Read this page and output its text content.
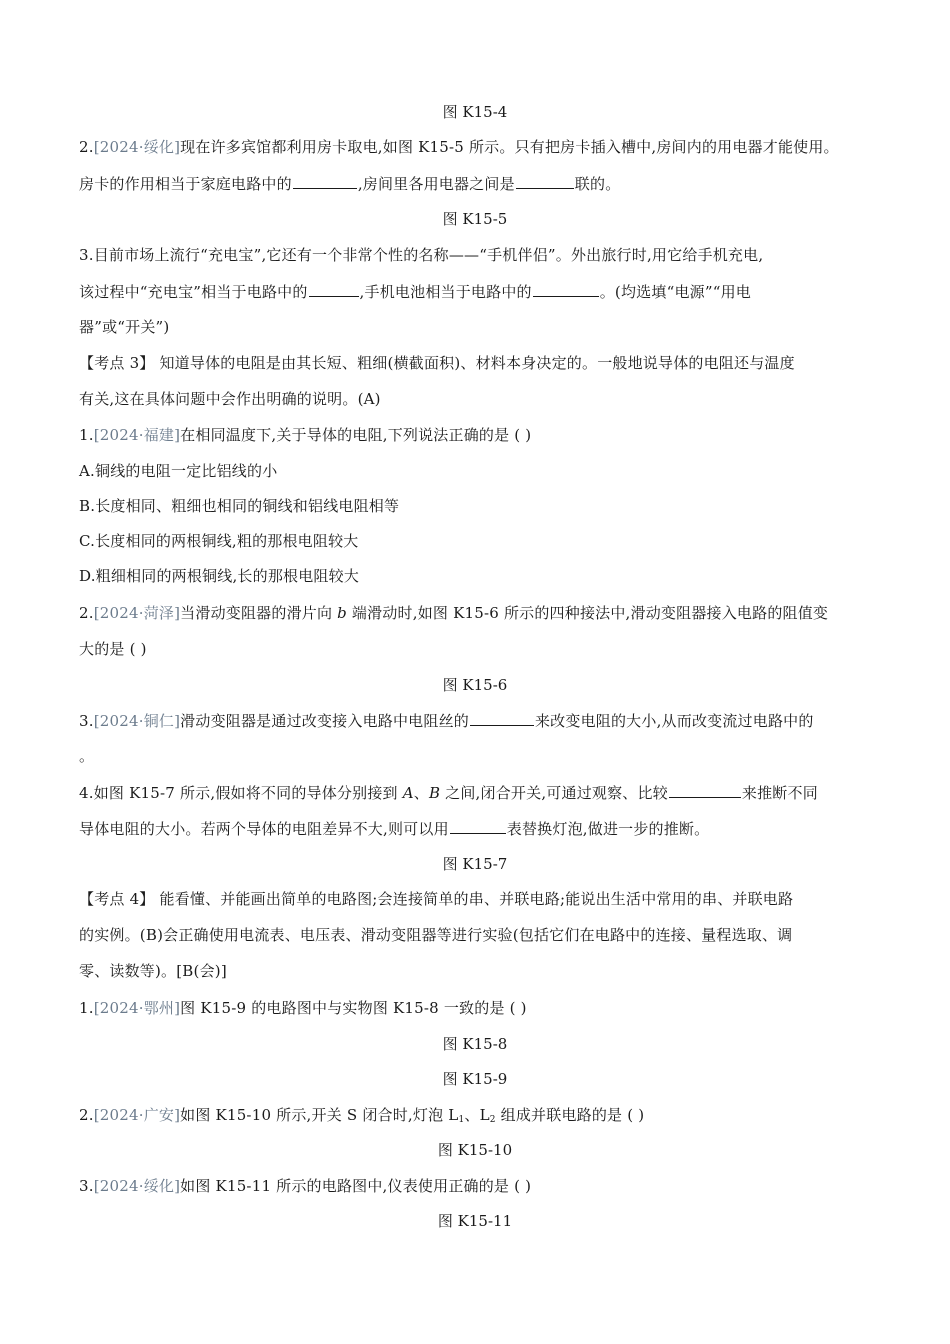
图 K15-4
2.[2024·绥化]现在许多宾馆都利用房卡取电,如图 K15-5 所示。只有把房卡插入槽中,房间内的用电器才能使用。
房卡的作用相当于家庭电路中的	,房间里各用电器之间是	联的。
图 K15-5
3.目前市场上流行“充电宝”,它还有一个非常个性的名称——“手机伴侣”。外出旅行时,用它给手机充电,
该过程中“充电宝”相当于电路中的	,手机电池相当于电路中的	。(均选填“电源”“用电
器”或“开关”)
【考点 3】 知道导体的电阻是由其长短、粗细(横截面积)、材料本身决定的。一般地说导体的电阻还与温度
有关,这在具体问题中会作出明确的说明。(A)
1.[2024·福建]在相同温度下,关于导体的电阻,下列说法正确的是 ( )
A.铜线的电阻一定比铝线的小
B.长度相同、粗细也相同的铜线和铝线电阻相等
C.长度相同的两根铜线,粗的那根电阻较大
D.粗细相同的两根铜线,长的那根电阻较大
2.[2024·菏泽]当滑动变阻器的滑片向 b 端滑动时,如图 K15-6 所示的四种接法中,滑动变阻器接入电路的阻值变
大的是 ( )
图 K15-6
3.[2024·铜仁]滑动变阻器是通过改变接入电路中电阻丝的	来改变电阻的大小,从而改变流过电路中的
。
4.如图 K15-7 所示,假如将不同的导体分别接到 A、B 之间,闭合开关,可通过观察、比较	来推断不同
导体电阻的大小。若两个导体的电阻差异不大,则可以用	表替换灯泡,做进一步的推断。
图 K15-7
【考点 4】 能看懂、并能画出简单的电路图;会连接简单的串、并联电路;能说出生活中常用的串、并联电路
的实例。(B)会正确使用电流表、电压表、滑动变阻器等进行实验(包括它们在电路中的连接、量程选取、调
零、读数等)。[B(会)]
1.[2024·鄂州]图 K15-9 的电路图中与实物图 K15-8 一致的是 ( )
图 K15-8
图 K15-9
2.[2024·广安]如图 K15-10 所示,开关 S 闭合时,灯泡 $L_1$、$L_2$ 组成并联电路的是 ( )
图 K15-10
3.[2024·绥化]如图 K15-11 所示的电路图中,仪表使用正确的是 ( )
图 K15-11
